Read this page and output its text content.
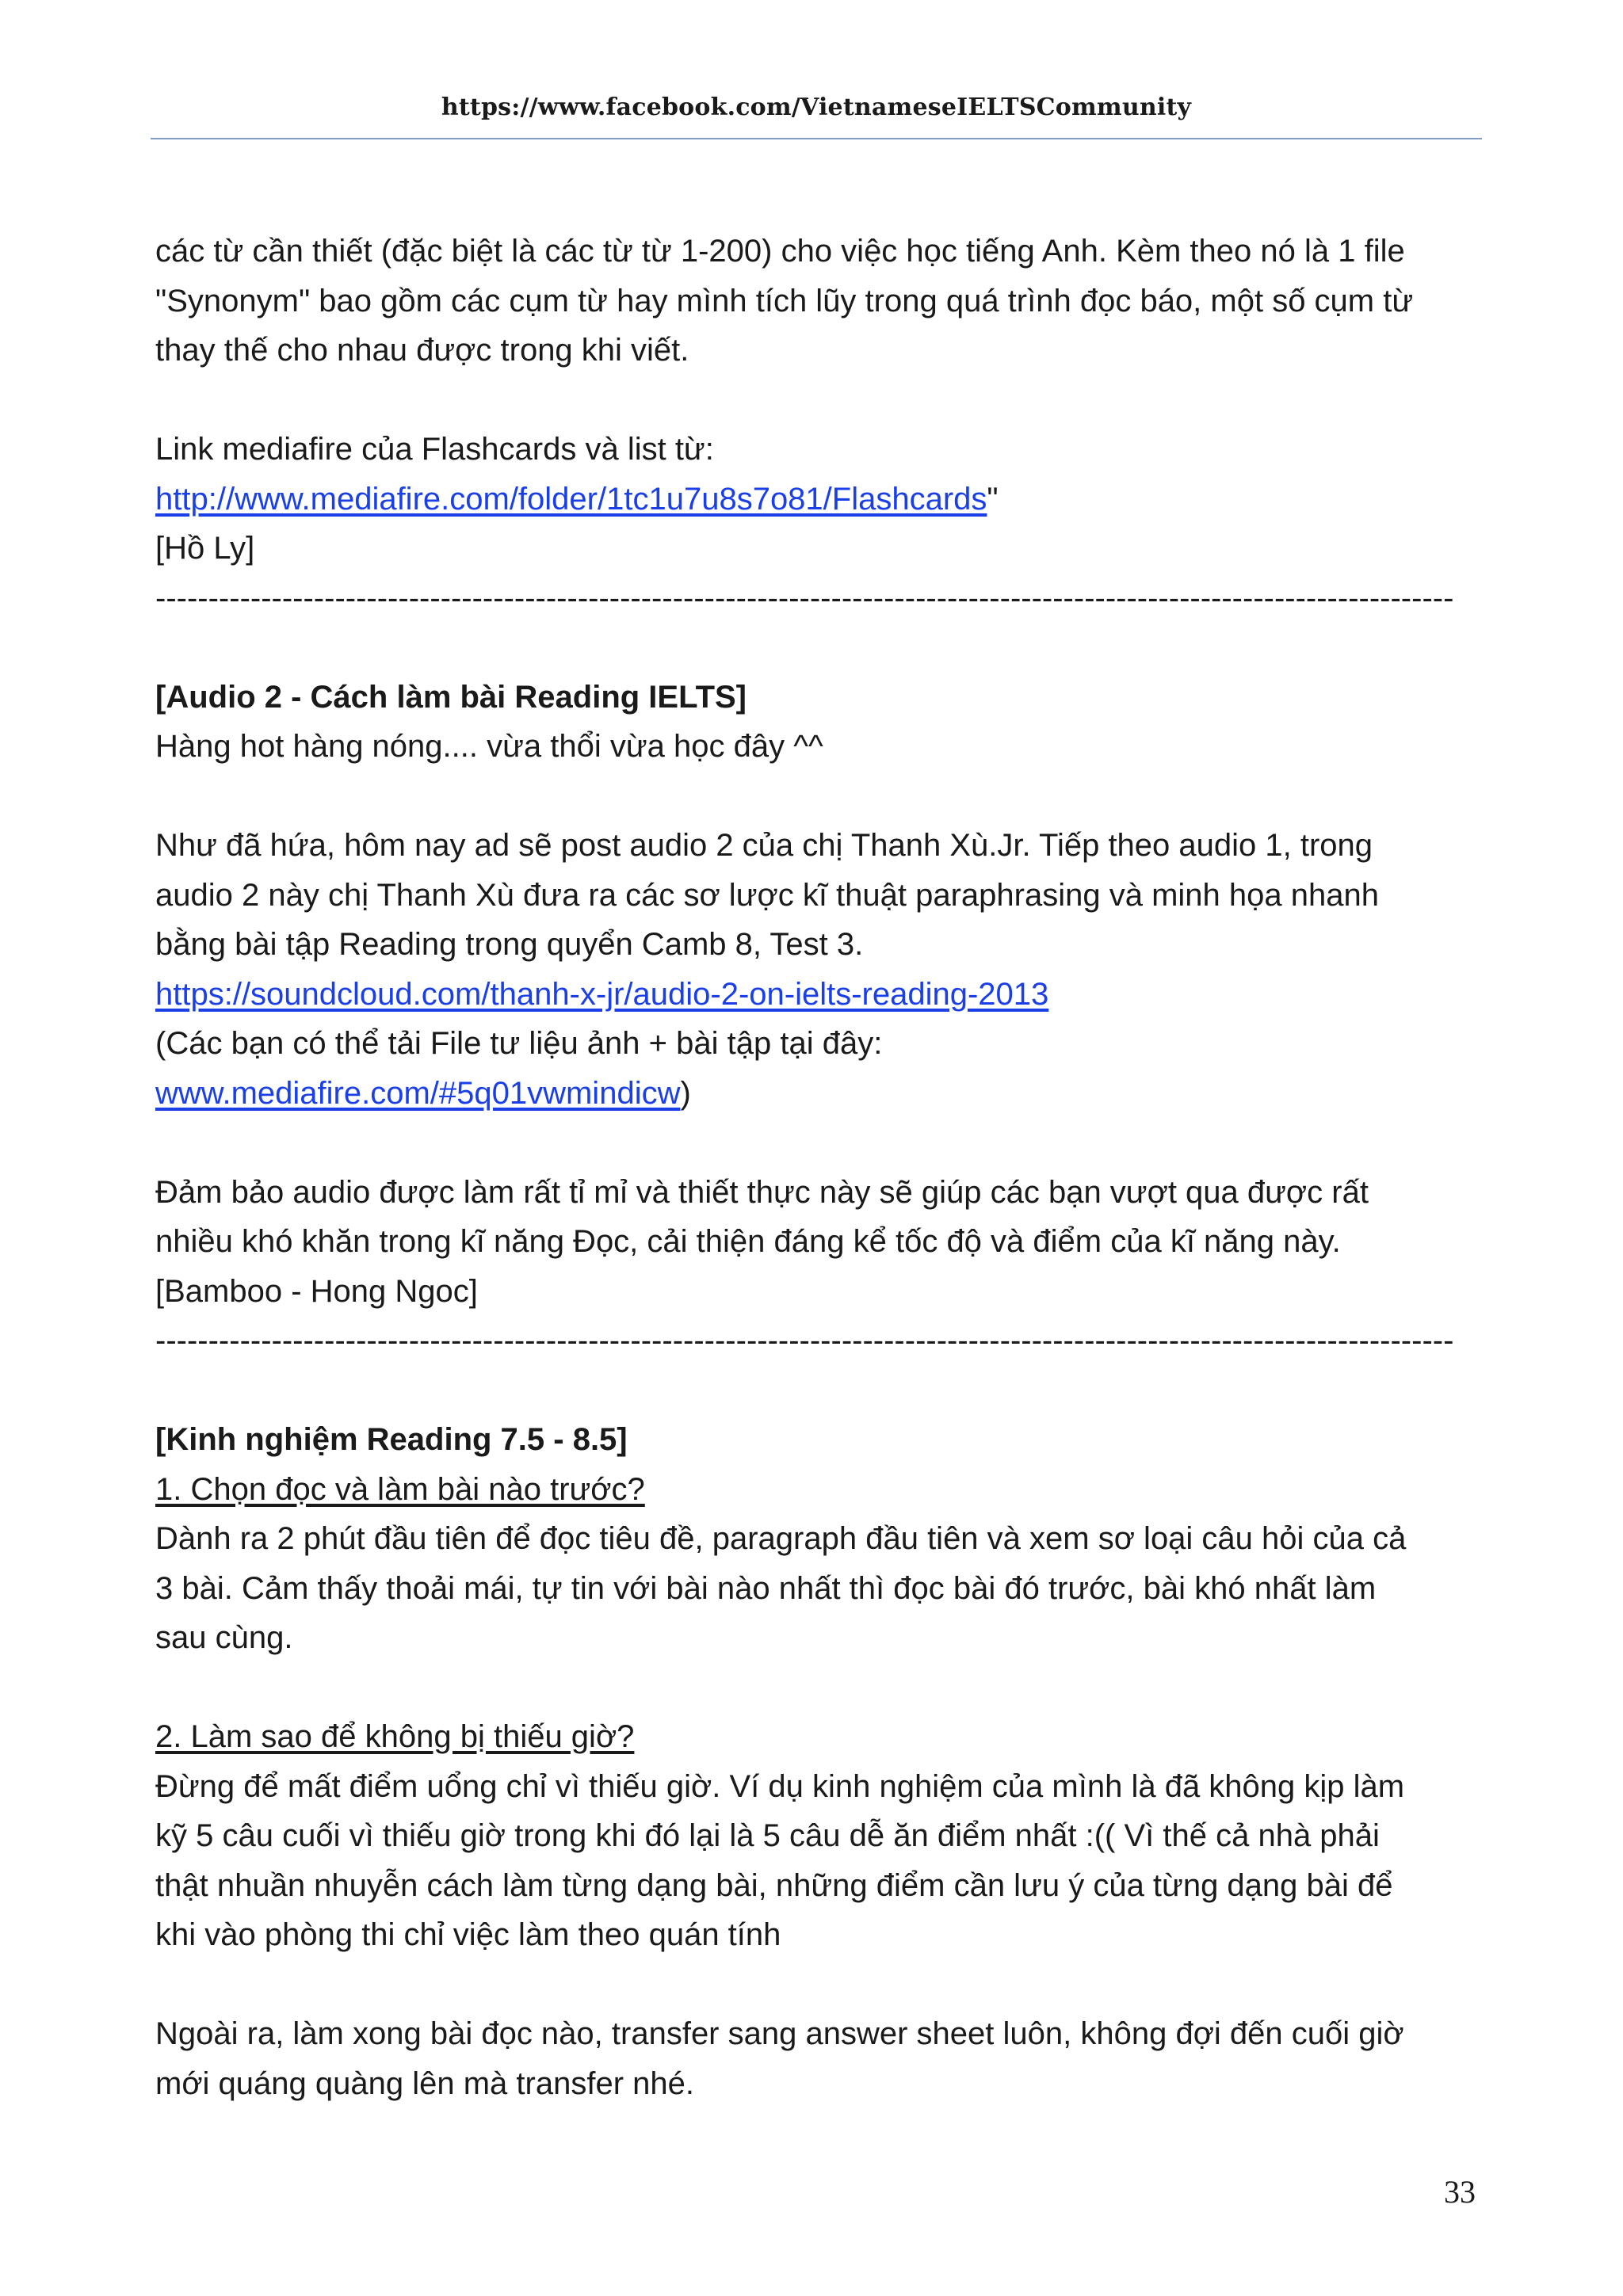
https://www.facebook.com/VietnameseIELTSCommunity
các từ cần thiết (đặc biệt là các từ từ 1-200) cho việc học tiếng Anh. Kèm theo nó là 1 file
"Synonym" bao gồm các cụm từ hay mình tích lũy trong quá trình đọc báo, một số cụm từ
thay thế cho nhau được trong khi viết.
Link mediafire của Flashcards và list từ:
http://www.mediafire.com/folder/1tc1u7u8s7o81/Flashcards"
[Hồ Ly]
---------------------------------------------------------------------------------------------------------------------------
[Audio 2 - Cách làm bài Reading IELTS]
Hàng hot hàng nóng.... vừa thổi vừa học đây ^^
Như đã hứa, hôm nay ad sẽ post audio 2 của chị Thanh Xù.Jr. Tiếp theo audio 1, trong
audio 2 này chị Thanh Xù đưa ra các sơ lược kĩ thuật paraphrasing và minh họa nhanh
bằng bài tập Reading trong quyển Camb 8, Test 3.
https://soundcloud.com/thanh-x-jr/audio-2-on-ielts-reading-2013
(Các bạn có thể tải File tư liệu ảnh + bài tập tại đây:
www.mediafire.com/#5q01vwmindicw)
Đảm bảo audio được làm rất tỉ mỉ và thiết thực này sẽ giúp các bạn vượt qua được rất
nhiều khó khăn trong kĩ năng Đọc, cải thiện đáng kể tốc độ và điểm của kĩ năng này.
[Bamboo - Hong Ngoc]
---------------------------------------------------------------------------------------------------------------------------
[Kinh nghiệm Reading 7.5 - 8.5]
1. Chọn đọc và làm bài nào trước?
Dành ra 2 phút đầu tiên để đọc tiêu đề, paragraph đầu tiên và xem sơ loại câu hỏi của cả
3 bài. Cảm thấy thoải mái, tự tin với bài nào nhất thì đọc bài đó trước, bài khó nhất làm
sau cùng.
2. Làm sao để không bị thiếu giờ?
Đừng để mất điểm uổng chỉ vì thiếu giờ. Ví dụ kinh nghiệm của mình là đã không kịp làm
kỹ 5 câu cuối vì thiếu giờ trong khi đó lại là 5 câu dễ ăn điểm nhất :(( Vì thế cả nhà phải
thật nhuần nhuyễn cách làm từng dạng bài, những điểm cần lưu ý của từng dạng bài để
khi vào phòng thi chỉ việc làm theo quán tính
Ngoài ra, làm xong bài đọc nào, transfer sang answer sheet luôn, không đợi đến cuối giờ
mới quáng quàng lên mà transfer nhé.
33
